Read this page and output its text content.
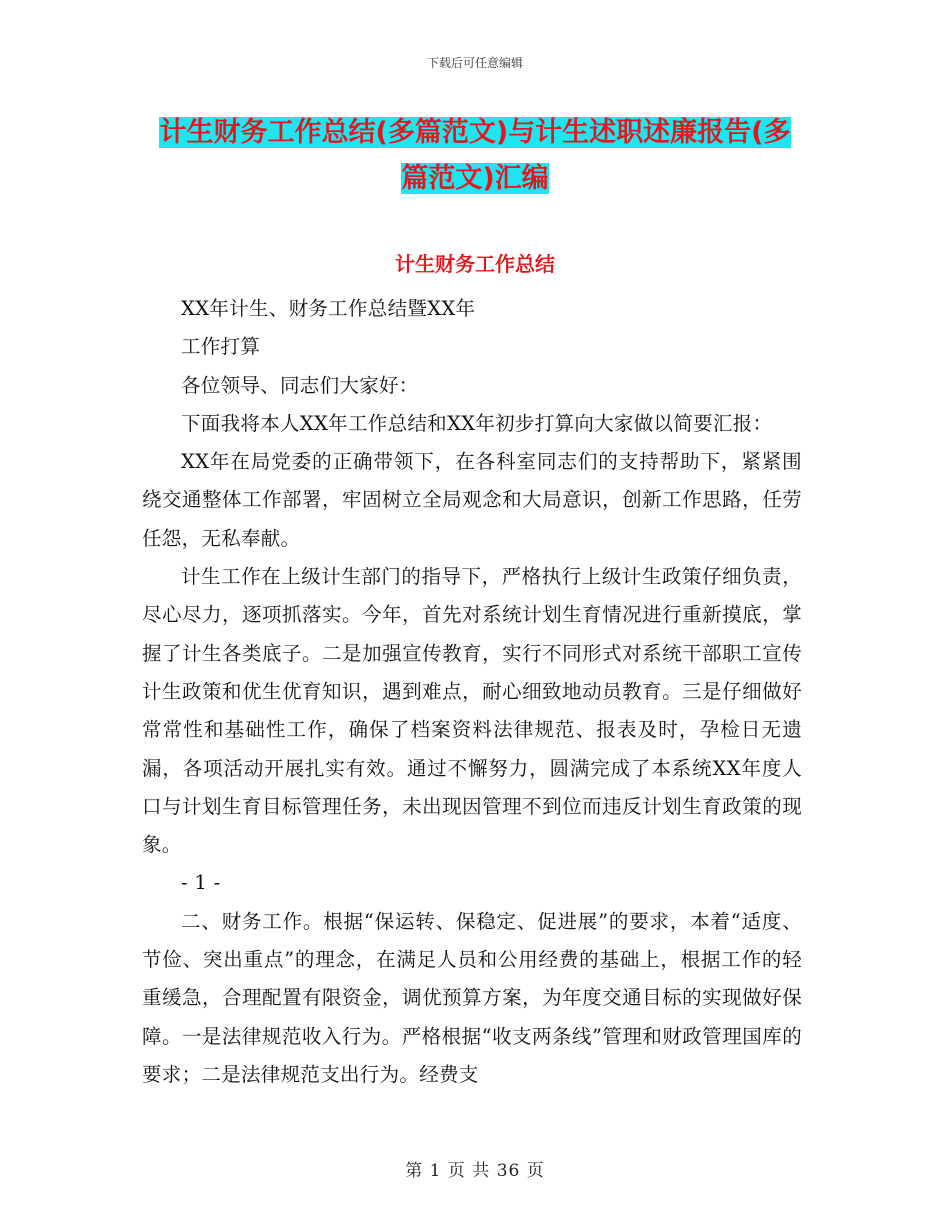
下载后可任意编辑
计生财务工作总结(多篇范文)与计生述职述廉报告(多
篇范文)汇编
计生财务工作总结

XX年计生、财务工作总结暨XX年

工作打算

各位领导、同志们大家好：

下面我将本人XX年工作总结和XX年初步打算向大家做以简要汇报：

XX年在局党委的正确带领下，在各科室同志们的支持帮助下，紧紧围绕交通整体工作部署，牢固树立全局观念和大局意识，创新工作思路，任劳任怨，无私奉献。

计生工作在上级计生部门的指导下，严格执行上级计生政策仔细负责，尽心尽力，逐项抓落实。今年，首先对系统计划生育情况进行重新摸底，掌握了计生各类底子。二是加强宣传教育，实行不同形式对系统干部职工宣传计生政策和优生优育知识，遇到难点，耐心细致地动员教育。三是仔细做好常常性和基础性工作，确保了档案资料法律规范、报表及时，孕检日无遗漏，各项活动开展扎实有效。通过不懈努力，圆满完成了本系统XX年度人口与计划生育目标管理任务，未出现因管理不到位而违反计划生育政策的现象。

- 1 -

二、财务工作。根据“保运转、保稳定、促进展”的要求，本着“适度、节俭、突出重点”的理念，在满足人员和公用经费的基础上，根据工作的轻重缓急，合理配置有限资金，调优预算方案，为年度交通目标的实现做好保障。一是法律规范收入行为。严格根据“收支两条线”管理和财政管理国库的要求；二是法律规范支出行为。经费支

第 1 页 共 36 页
